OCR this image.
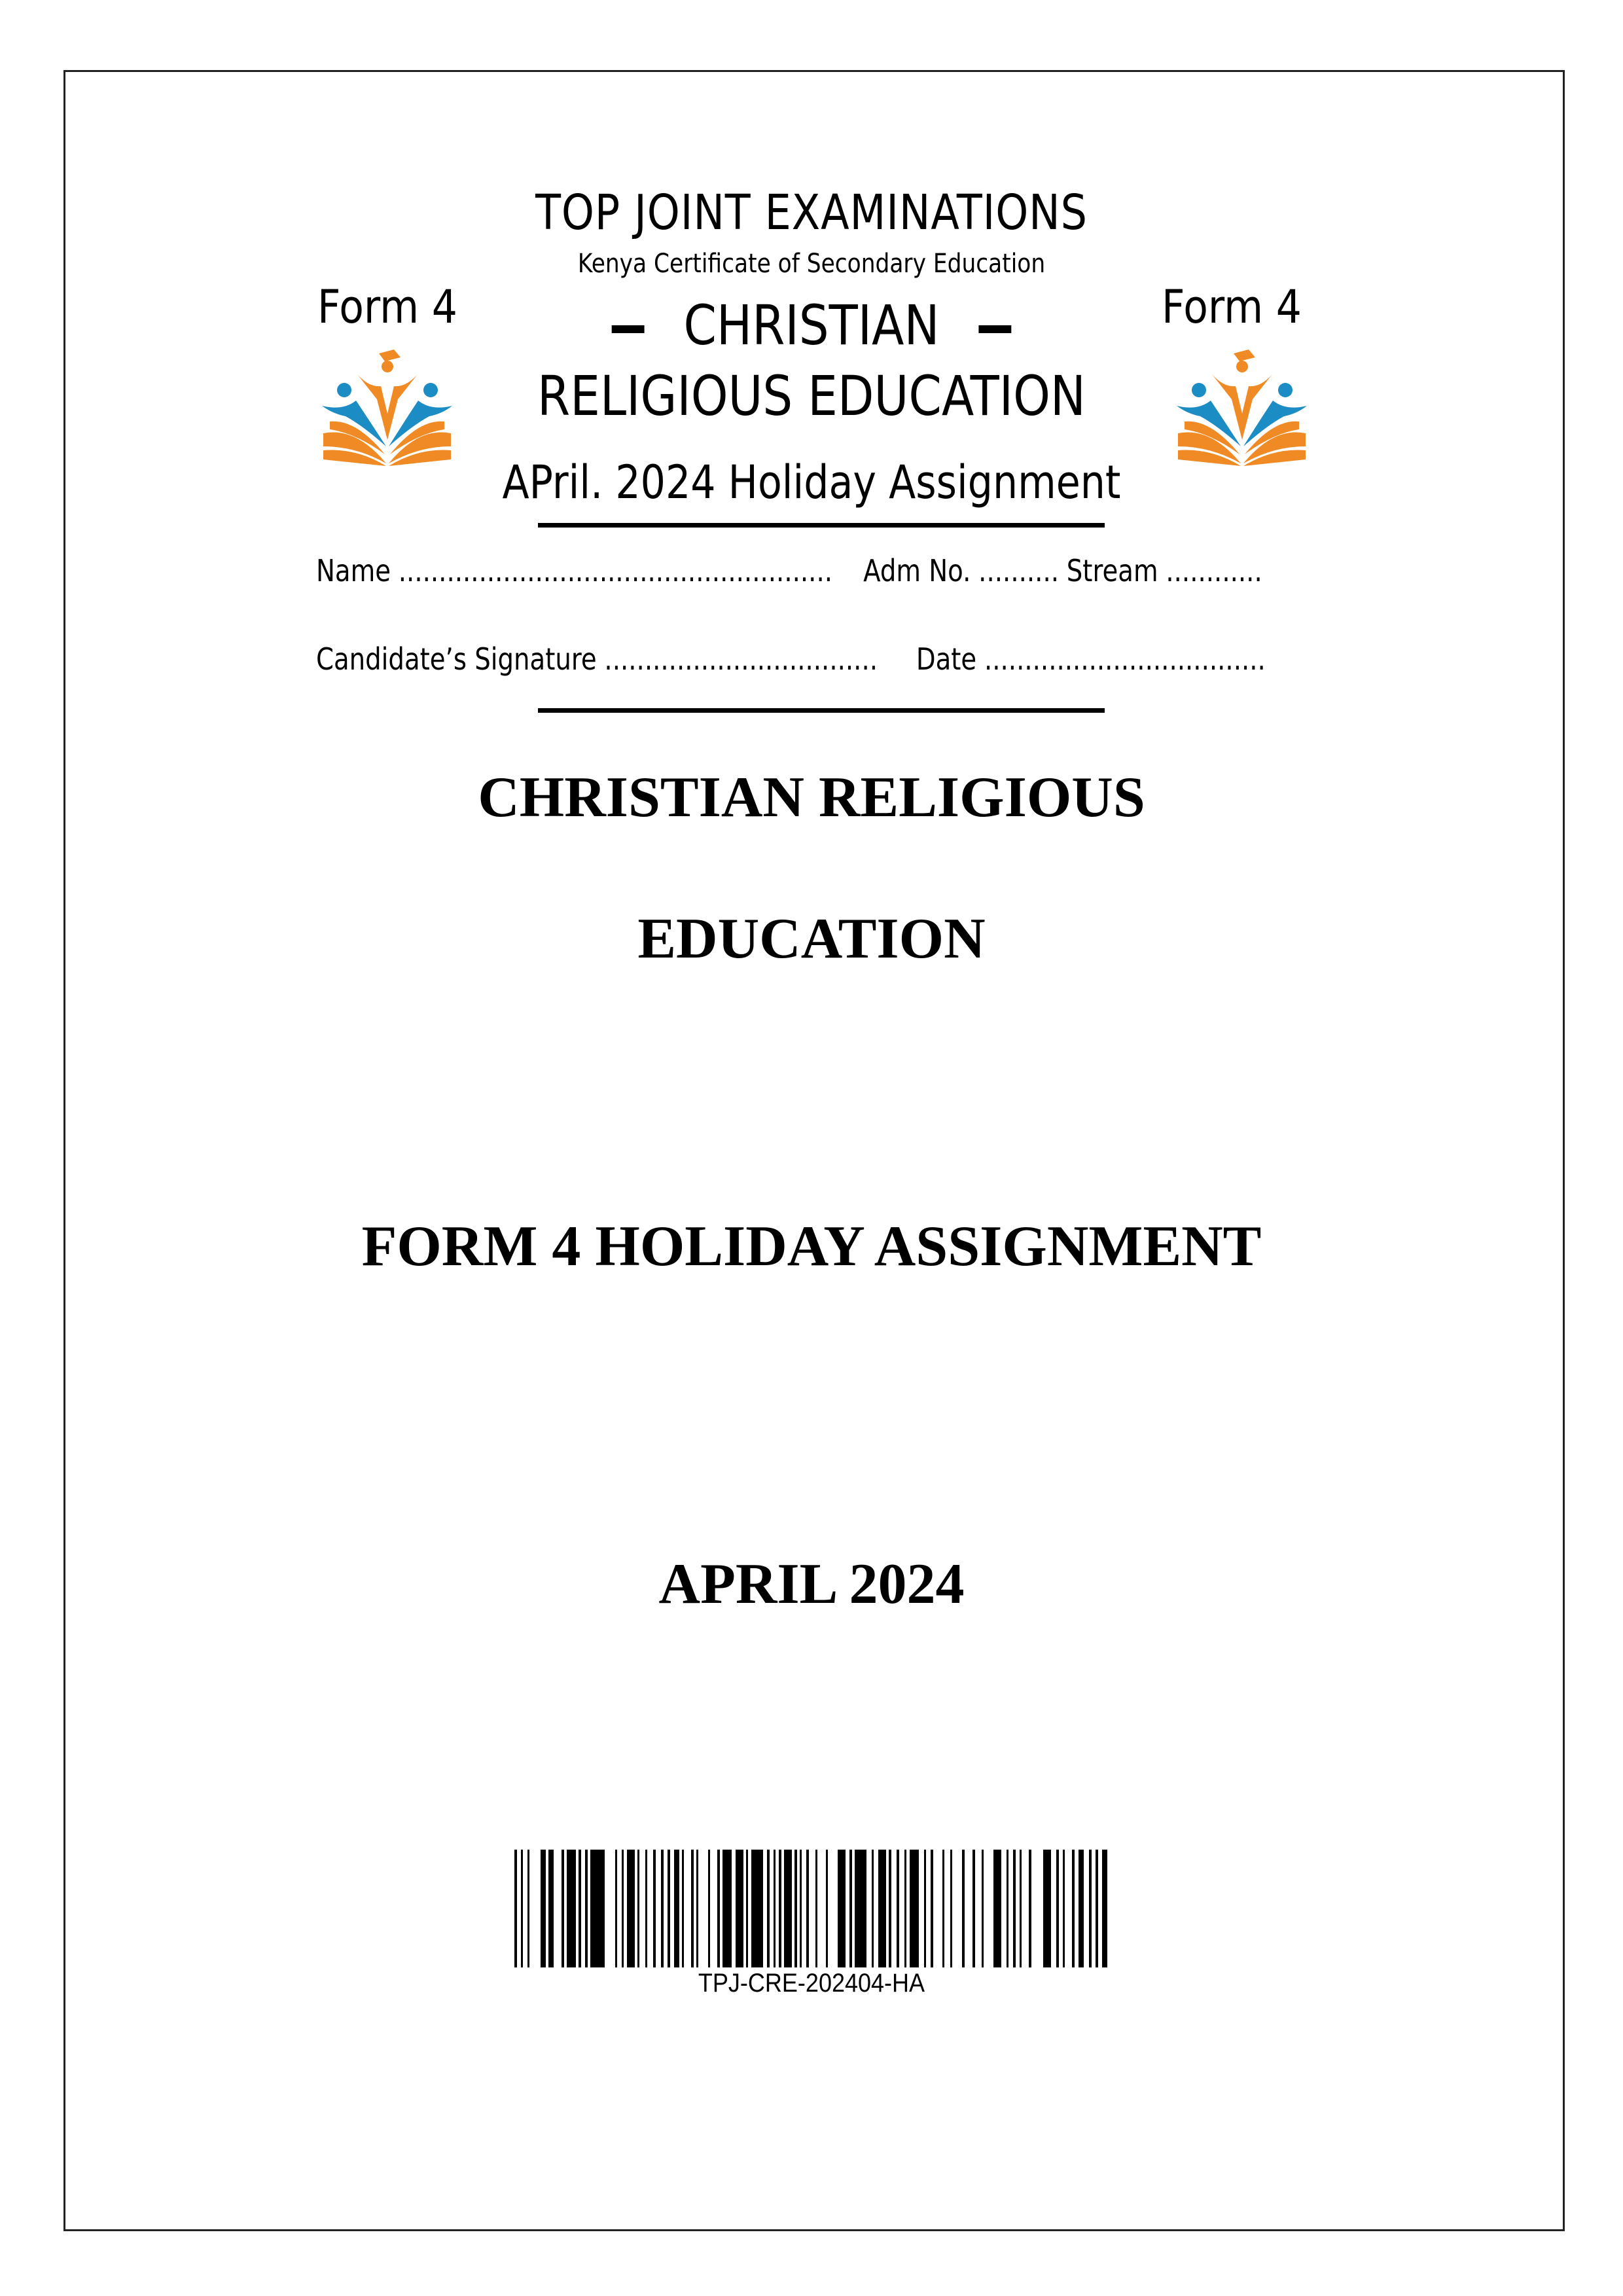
TOP JOINT EXAMINATIONS
Kenya Certificate of Secondary Education
Form 4	Form 4
CHRISTIAN
RELIGIOUS EDUCATION
APril. 2024 Holiday Assignment
Name ...................................................... Adm No. .......... Stream ............
Candidate’s Signature .................................. Date ...................................
CHRISTIAN RELIGIOUS
EDUCATION
FORM 4 HOLIDAY ASSIGNMENT
APRIL 2024
TPJ-CRE-202404-HA
